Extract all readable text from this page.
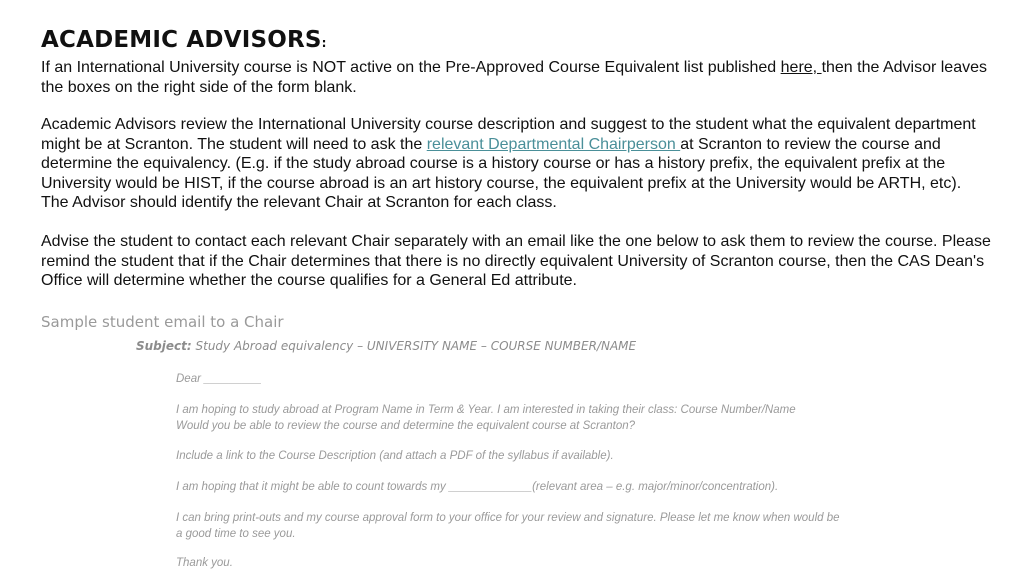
ACADEMIC ADVISORS:

If an International University course is NOT active on the Pre-Approved Course Equivalent list published here, then the Advisor leaves the boxes on the right side of the form blank.

Academic Advisors review the International University course description and suggest to the student what the equivalent department might be at Scranton. The student will need to ask the relevant Departmental Chairperson at Scranton to review the course and determine the equivalency. (E.g. if the study abroad course is a history course or has a history prefix, the equivalent prefix at the University would be HIST, if the course abroad is an art history course, the equivalent prefix at the University would be ARTH, etc). The Advisor should identify the relevant Chair at Scranton for each class.

Advise the student to contact each relevant Chair separately with an email like the one below to ask them to review the course. Please remind the student that if the Chair determines that there is no directly equivalent University of Scranton course, then the CAS Dean's Office will determine whether the course qualifies for a General Ed attribute.

Sample student email to a Chair

Subject: Study Abroad equivalency – UNIVERSITY NAME – COURSE NUMBER/NAME

Dear _________

I am hoping to study abroad at Program Name in Term & Year. I am interested in taking their class: Course Number/Name
Would you be able to review the course and determine the equivalent course at Scranton?

Include a link to the Course Description (and attach a PDF of the syllabus if available).

I am hoping that it might be able to count towards my _____________(relevant area – e.g. major/minor/concentration).

I can bring print-outs and my course approval form to your office for your review and signature. Please let me know when would be
a good time to see you.

Thank you.
